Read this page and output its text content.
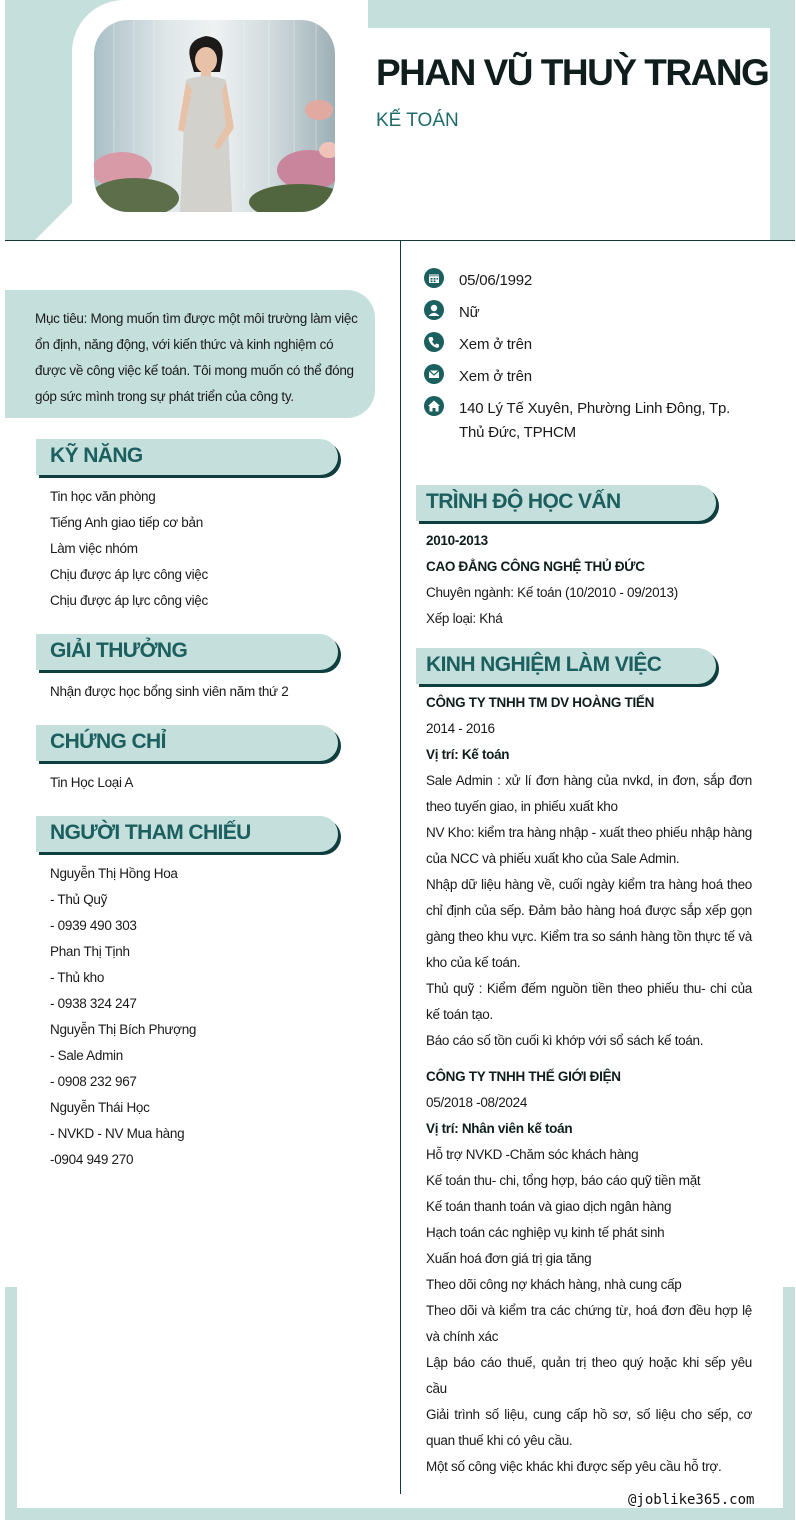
PHAN VŨ THUỲ TRANG
KẾ TOÁN
Mục tiêu: Mong muốn tìm được một môi trường làm việc ổn định, năng động, với kiến thức và kinh nghiệm có được về công việc kế toán. Tôi mong muốn có thể đóng góp sức mình trong sự phát triển của công ty.
05/06/1992
Nữ
Xem ở trên
Xem ở trên
140 Lý Tế Xuyên, Phường Linh Đông, Tp. Thủ Đức, TPHCM
KỸ NĂNG
Tin học văn phòng
Tiếng Anh giao tiếp cơ bản
Làm việc nhóm
Chịu được áp lực công việc
Chịu được áp lực công việc
GIẢI THƯỞNG
Nhận được học bổng sinh viên năm thứ 2
CHỨNG CHỈ
Tin Học Loại A
NGƯỜI THAM CHIẾU
Nguyễn Thị Hồng Hoa
- Thủ Quỹ
- 0939 490 303
Phan Thị Tịnh
- Thủ kho
- 0938 324 247
Nguyễn Thị Bích Phượng
- Sale Admin
- 0908 232 967
Nguyễn Thái Học
- NVKD - NV Mua hàng
-0904 949 270
TRÌNH ĐỘ HỌC VẤN
2010-2013
CAO ĐẲNG CÔNG NGHỆ THỦ ĐỨC
Chuyên ngành: Kế toán (10/2010 - 09/2013)
Xếp loại: Khá
KINH NGHIỆM LÀM VIỆC
CÔNG TY TNHH TM DV HOÀNG TIẾN
2014 - 2016
Vị trí: Kế toán
Sale Admin : xử lí đơn hàng của nvkd, in đơn, sắp đơn theo tuyến giao, in phiếu xuất kho
NV Kho: kiểm tra hàng nhập - xuất theo phiếu nhập hàng của NCC và phiếu xuất kho của Sale Admin.
Nhập dữ liệu hàng về, cuối ngày kiểm tra hàng hoá theo chỉ định của sếp. Đảm bảo hàng hoá được sắp xếp gọn gàng theo khu vực. Kiểm tra so sánh hàng tồn thực tế và kho của kế toán.
Thủ quỹ : Kiểm đếm nguồn tiền theo phiếu thu- chi của kế toán tạo.
Báo cáo số tồn cuối kì khớp với sổ sách kế toán.
CÔNG TY TNHH THẾ GIỚI ĐIỆN
05/2018 -08/2024
Vị trí: Nhân viên kế toán
Hỗ trợ NVKD -Chăm sóc khách hàng
Kế toán thu- chi, tổng hợp, báo cáo quỹ tiền mặt
Kế toán thanh toán và giao dịch ngân hàng
Hạch toán các nghiệp vụ kinh tế phát sinh
Xuấn hoá đơn giá trị gia tăng
Theo dõi công nợ khách hàng, nhà cung cấp
Theo dõi và kiểm tra các chứng từ, hoá đơn đều hợp lệ và chính xác
Lập báo cáo thuế, quản trị theo quý hoặc khi sếp yêu cầu
Giải trình số liệu, cung cấp hồ sơ, số liệu cho sếp, cơ quan thuế khi có yêu cầu.
Một số công việc khác khi được sếp yêu cầu hỗ trợ.
@joblike365.com
